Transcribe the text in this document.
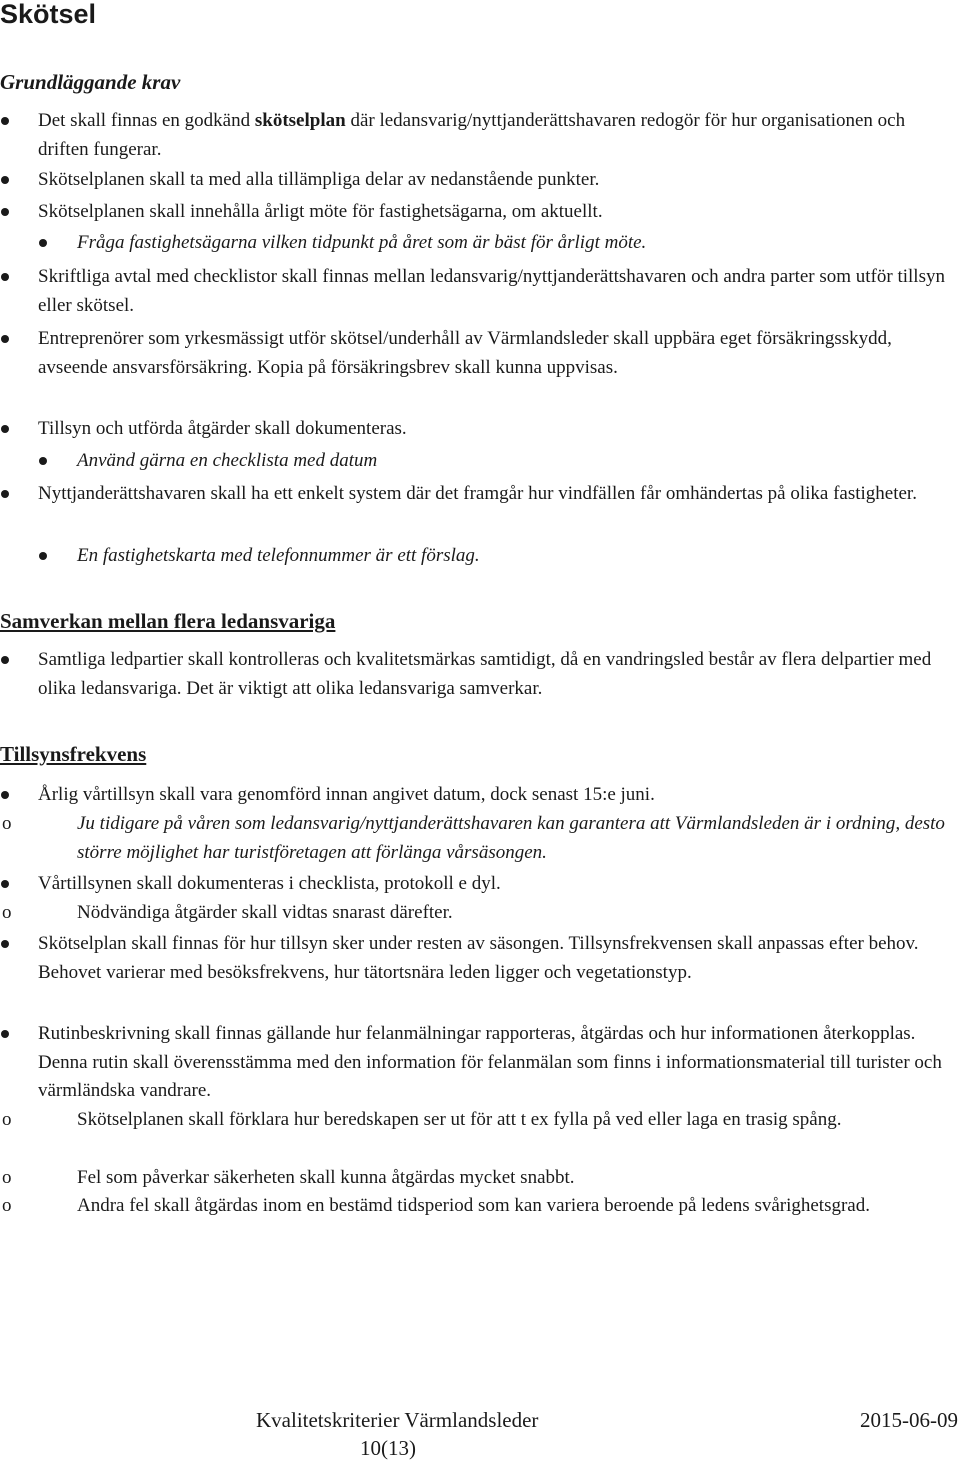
Skötsel
Grundläggande krav

Det skall finnas en godkänd skötselplan där ledansvarig/nyttjanderättshavaren redogör för hur organisationen och driften fungerar.

Skötselplanen skall ta med alla tillämpliga delar av nedanstående punkter.

Skötselplanen skall innehålla årligt möte för fastighetsägarna, om aktuellt.

Fråga fastighetsägarna vilken tidpunkt på året som är bäst för årligt möte.

Skriftliga avtal med checklistor skall finnas mellan ledansvarig/nyttjanderättshavaren och andra parter som utför tillsyn eller skötsel.

Entreprenörer som yrkesmässigt utför skötsel/underhåll av Värmlandsleder skall uppbära eget försäkringsskydd, avseende ansvarsförsäkring. Kopia på försäkringsbrev skall kunna uppvisas.

Tillsyn och utförda åtgärder skall dokumenteras.

Använd gärna en checklista med datum

Nyttjanderättshavaren skall ha ett enkelt system där det framgår hur vindfällen får omhändertas på olika fastigheter.

En fastighetskarta med telefonnummer är ett förslag.

Samverkan mellan flera ledansvariga

Samtliga ledpartier skall kontrolleras och kvalitetsmärkas samtidigt, då en vandringsled består av flera delpartier med olika ledansvariga. Det är viktigt att olika ledansvariga samverkar.

Tillsynsfrekvens

Årlig vårtillsyn skall vara genomförd innan angivet datum, dock senast 15:e juni.

o	Ju tidigare på våren som ledansvarig/nyttjanderättshavaren kan garantera att Värmlandsleden är i ordning, desto större möjlighet har turistföretagen att förlänga vårsäsongen.

Vårtillsynen skall dokumenteras i checklista, protokoll e dyl.

o	Nödvändiga åtgärder skall vidtas snarast därefter.

Skötselplan skall finnas för hur tillsyn sker under resten av säsongen. Tillsynsfrekvensen skall anpassas efter behov. Behovet varierar med besöksfrekvens, hur tätortsnära leden ligger och vegetationstyp.

Rutinbeskrivning skall finnas gällande hur felanmälningar rapporteras, åtgärdas och hur informationen återkopplas. Denna rutin skall överensstämma med den information för felanmälan som finns i informationsmaterial till turister och värmländska vandrare.

o	Skötselplanen skall förklara hur beredskapen ser ut för att t ex fylla på ved eller laga en trasig spång.

o	Fel som påverkar säkerheten skall kunna åtgärdas mycket snabbt.

o	Andra fel skall åtgärdas inom en bestämd tidsperiod som kan variera beroende på ledens svårighetsgrad.

Kvalitetskriterier Värmlandsleder	2015-06-09
10(13)
